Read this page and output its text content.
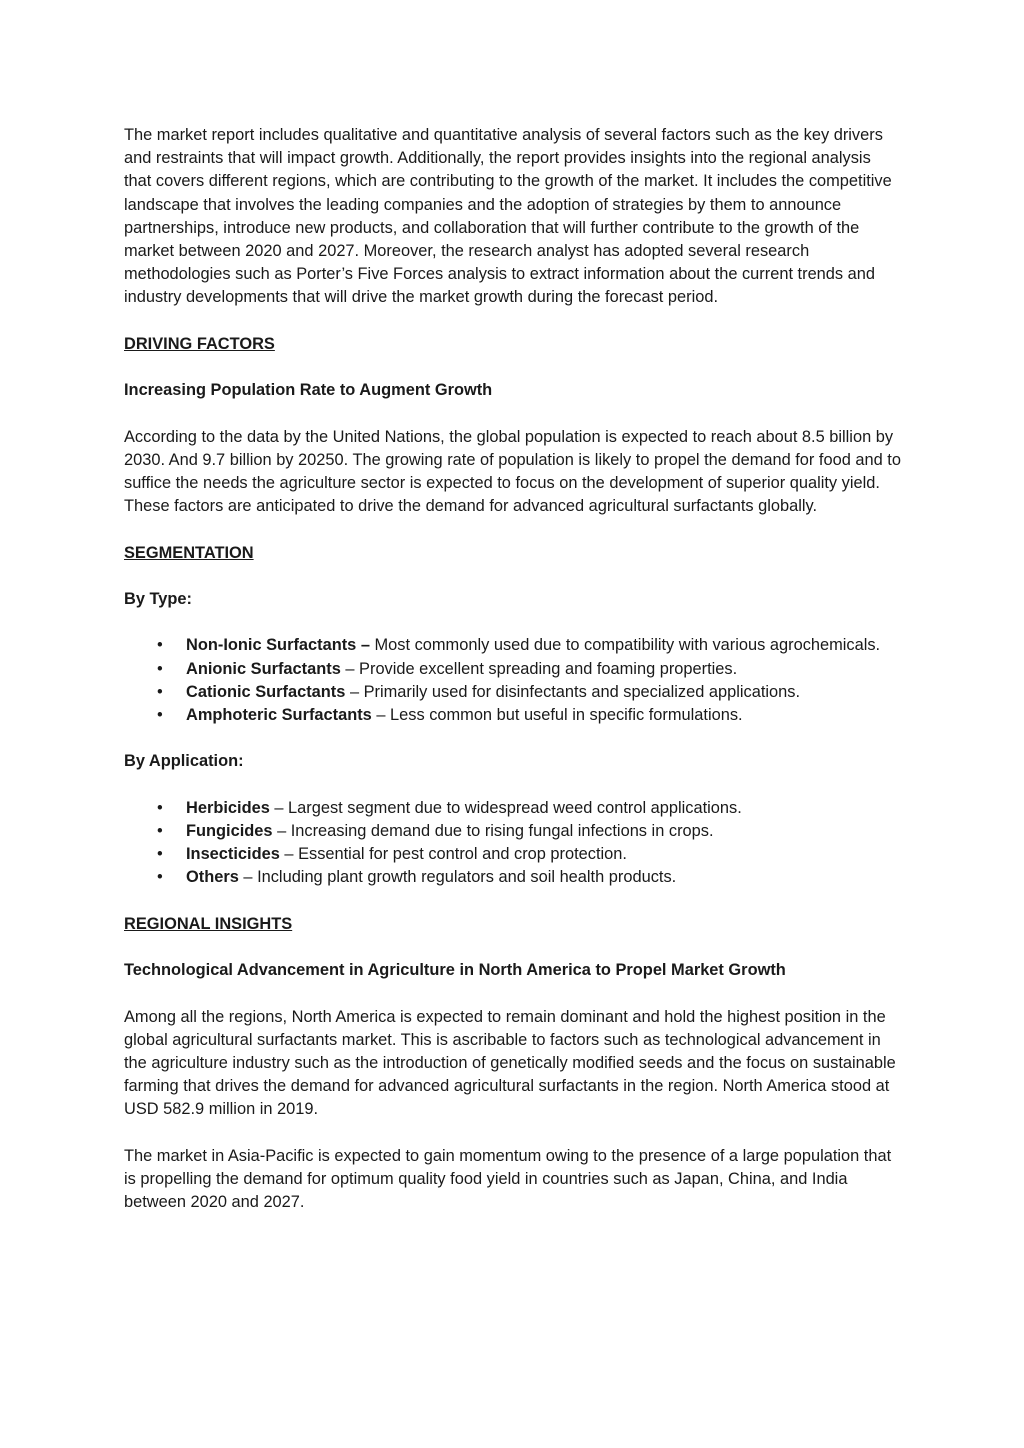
The market report includes qualitative and quantitative analysis of several factors such as the key drivers and restraints that will impact growth. Additionally, the report provides insights into the regional analysis that covers different regions, which are contributing to the growth of the market. It includes the competitive landscape that involves the leading companies and the adoption of strategies by them to announce partnerships, introduce new products, and collaboration that will further contribute to the growth of the market between 2020 and 2027. Moreover, the research analyst has adopted several research methodologies such as Porter’s Five Forces analysis to extract information about the current trends and industry developments that will drive the market growth during the forecast period.

DRIVING FACTORS
Increasing Population Rate to Augment Growth

According to the data by the United Nations, the global population is expected to reach about 8.5 billion by 2030. And 9.7 billion by 20250. The growing rate of population is likely to propel the demand for food and to suffice the needs the agriculture sector is expected to focus on the development of superior quality yield. These factors are anticipated to drive the demand for advanced agricultural surfactants globally.

SEGMENTATION
By Type:
• Non-Ionic Surfactants – Most commonly used due to compatibility with various agrochemicals.
• Anionic Surfactants – Provide excellent spreading and foaming properties.
• Cationic Surfactants – Primarily used for disinfectants and specialized applications.
• Amphoteric Surfactants – Less common but useful in specific formulations.
By Application:
• Herbicides – Largest segment due to widespread weed control applications.
• Fungicides – Increasing demand due to rising fungal infections in crops.
• Insecticides – Essential for pest control and crop protection.
• Others – Including plant growth regulators and soil health products.
REGIONAL INSIGHTS
Technological Advancement in Agriculture in North America to Propel Market Growth

Among all the regions, North America is expected to remain dominant and hold the highest position in the global agricultural surfactants market. This is ascribable to factors such as technological advancement in the agriculture industry such as the introduction of genetically modified seeds and the focus on sustainable farming that drives the demand for advanced agricultural surfactants in the region. North America stood at USD 582.9 million in 2019.

The market in Asia-Pacific is expected to gain momentum owing to the presence of a large population that is propelling the demand for optimum quality food yield in countries such as Japan, China, and India between 2020 and 2027.
